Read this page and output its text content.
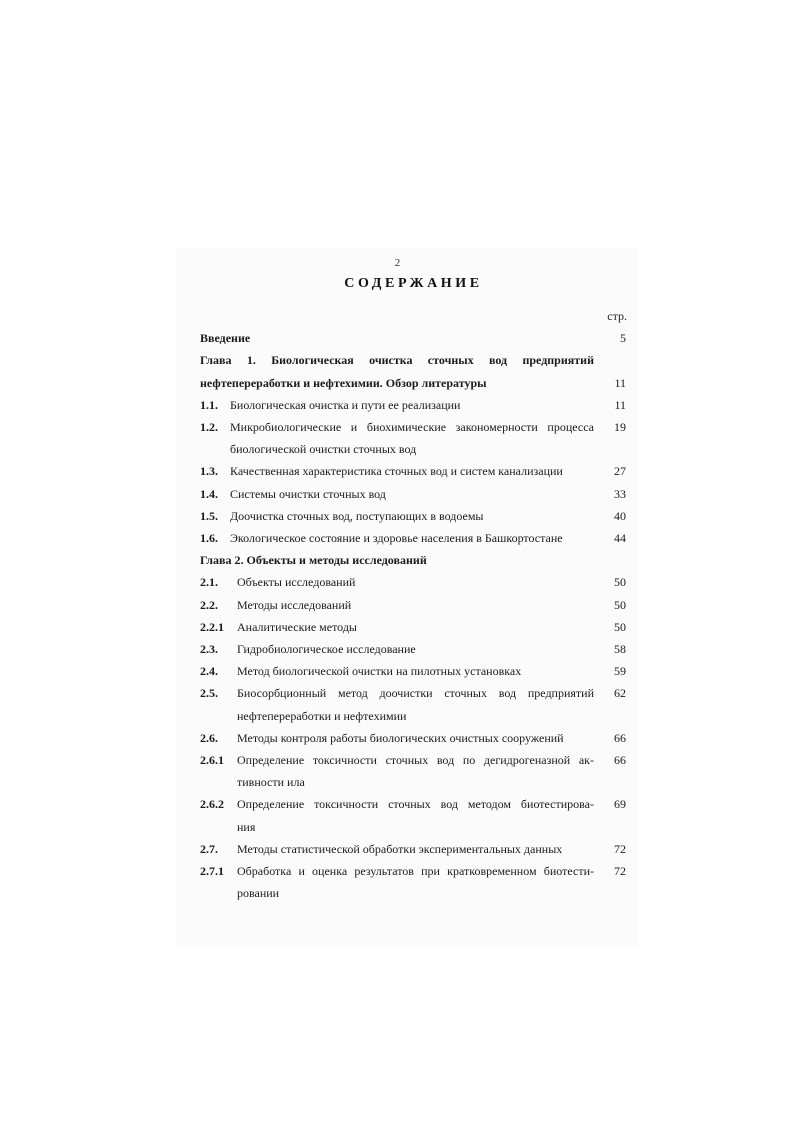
2
СОДЕРЖАНИЕ
стр.
Введение	5
Глава 1. Биологическая очистка сточных вод предприятий
нефтепереработки и нефтехимии. Обзор литературы	11
1.1.	Биологическая очистка и пути ее реализации	11
1.2.	Микробиологические и биохимические закономерности процесса	19
биологической очистки сточных вод
1.3.	Качественная характеристика сточных вод и систем канализации	27
1.4.	Системы очистки сточных вод	33
1.5.	Доочистка сточных вод, поступающих в водоемы	40
1.6.	Экологическое состояние и здоровье населения в Башкортостане	44
Глава 2. Объекты и методы исследований
2.1.	Объекты исследований	50
2.2.	Методы исследований	50
2.2.1	Аналитические методы	50
2.3.	Гидробиологическое исследование	58
2.4.	Метод биологической очистки на пилотных установках	59
2.5.	Биосорбционный метод доочистки сточных вод предприятий	62
нефтепереработки и нефтехимии
2.6.	Методы контроля работы биологических очистных сооружений	66
2.6.1	Определение токсичности сточных вод по дегидрогеназной ак-	66
тивности ила
2.6.2	Определение токсичности сточных вод методом биотестирова-	69
ния
2.7.	Методы статистической обработки экспериментальных данных	72
2.7.1	Обработка и оценка результатов при кратковременном биотести-	72
ровании
